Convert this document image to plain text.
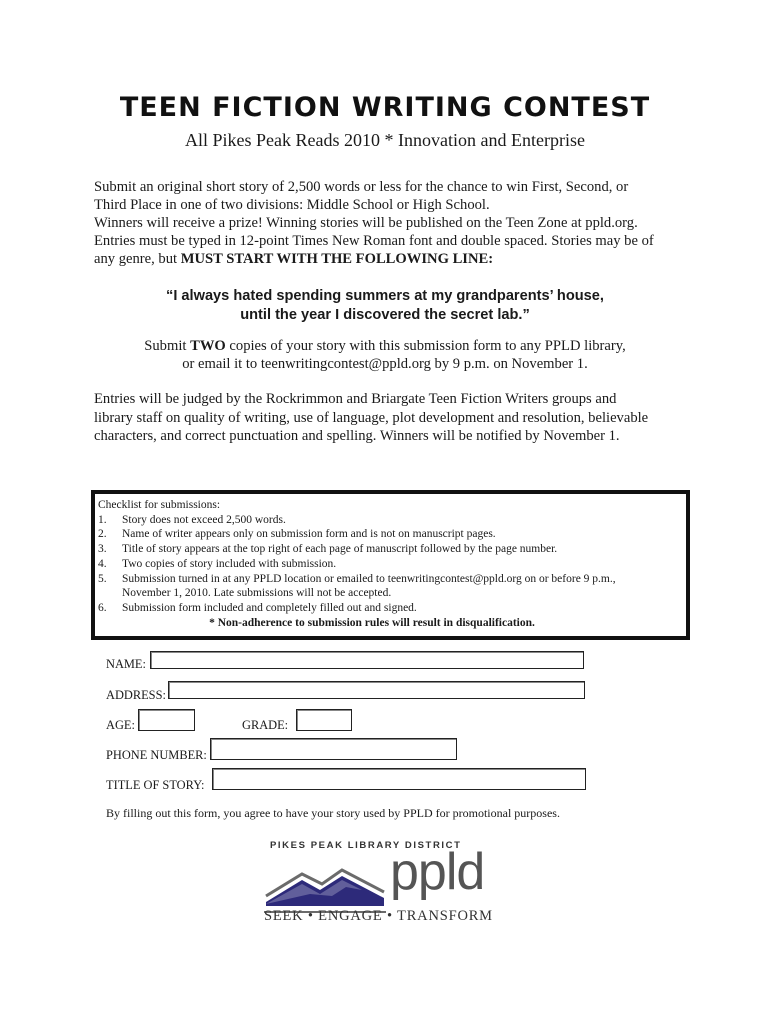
TEEN FICTION WRITING CONTEST
All Pikes Peak Reads 2010 * Innovation and Enterprise

Submit an original short story of 2,500 words or less for the chance to win First, Second, or

Third Place in one of two divisions: Middle School or High School.

Winners will receive a prize! Winning stories will be published on the Teen Zone at ppld.org.

Entries must be typed in 12-point Times New Roman font and double spaced. Stories may be of

any genre, but MUST START WITH THE FOLLOWING LINE:

“I always hated spending summers at my grandparents’ house,
until the year I discovered the secret lab.”
Submit TWO copies of your story with this submission form to any PPLD library,
or email it to teenwritingcontest@ppld.org by 9 p.m. on November 1.
Entries will be judged by the Rockrimmon and Briargate Teen Fiction Writers groups and
library staff on quality of writing, use of language, plot development and resolution, believable
characters, and correct punctuation and spelling. Winners will be notified by November 1.
Checklist for submissions:
1.	Story does not exceed 2,500 words.
2.	Name of writer appears only on submission form and is not on manuscript pages.
3.	Title of story appears at the top right of each page of manuscript followed by the page number.
4.	Two copies of story included with submission.
5.	Submission turned in at any PPLD location or emailed to teenwritingcontest@ppld.org on or before 9 p.m.,
November 1, 2010. Late submissions will not be accepted.
6.	Submission form included and completely filled out and signed.
* Non-adherence to submission rules will result in disqualification.
NAME:
ADDRESS:
AGE:	GRADE:
PHONE NUMBER:
TITLE OF STORY:
By filling out this form, you agree to have your story used by PPLD for promotional purposes.
PIKES PEAK LIBRARY DISTRICT
ppld
SEEK • ENGAGE • TRANSFORM
